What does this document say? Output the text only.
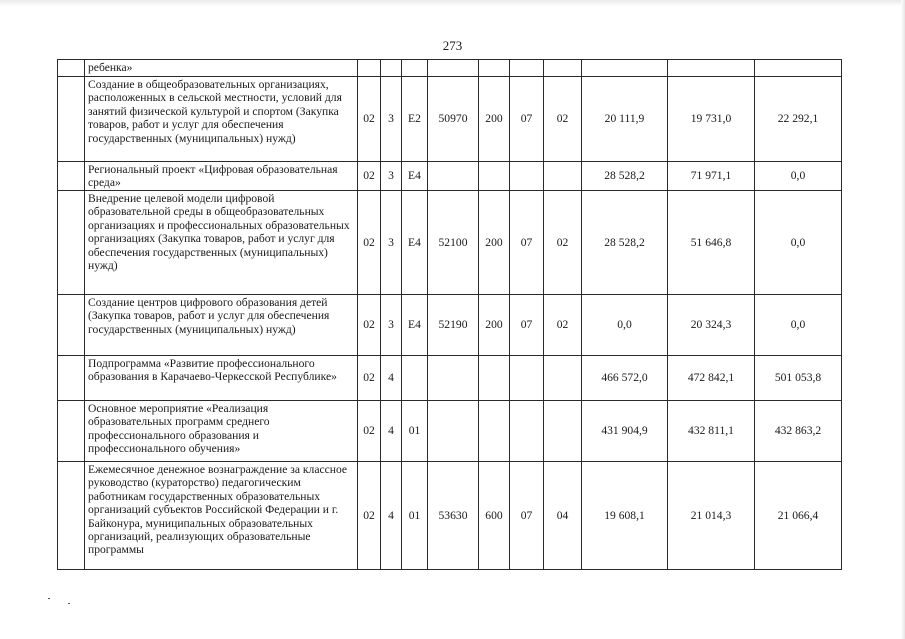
273
	ребенка»										
	Создание в общеобразовательных организациях, расположенных в сельской местности, условий для занятий физической культурой и спортом (Закупка товаров, работ и услуг для обеспечения государственных (муниципальных) нужд)	02	3	Е2	50970	200	07	02	20 111,9	19 731,0	22 292,1
	Региональный проект «Цифровая образовательная среда»	02	3	Е4					28 528,2	71 971,1	0,0
	Внедрение целевой модели цифровой образовательной среды в общеобразовательных организациях и профессиональных образовательных организациях (Закупка товаров, работ и услуг для обеспечения государственных (муниципальных) нужд)	02	3	Е4	52100	200	07	02	28 528,2	51 646,8	0,0
	Создание центров цифрового образования детей (Закупка товаров, работ и услуг для обеспечения государственных (муниципальных) нужд)	02	3	Е4	52190	200	07	02	0,0	20 324,3	0,0
	Подпрограмма «Развитие профессионального образования в Карачаево-Черкесской Республике»	02	4						466 572,0	472 842,1	501 053,8
	Основное мероприятие «Реализация образовательных программ среднего профессионального образования и профессионального обучения»	02	4	01					431 904,9	432 811,1	432 863,2
	Ежемесячное денежное вознаграждение за классное руководство (кураторство) педагогическим работникам государственных образовательных организаций субъектов Российской Федерации и г. Байконура, муниципальных образовательных организаций, реализующих образовательные программы	02	4	01	53630	600	07	04	19 608,1	21 014,3	21 066,4
